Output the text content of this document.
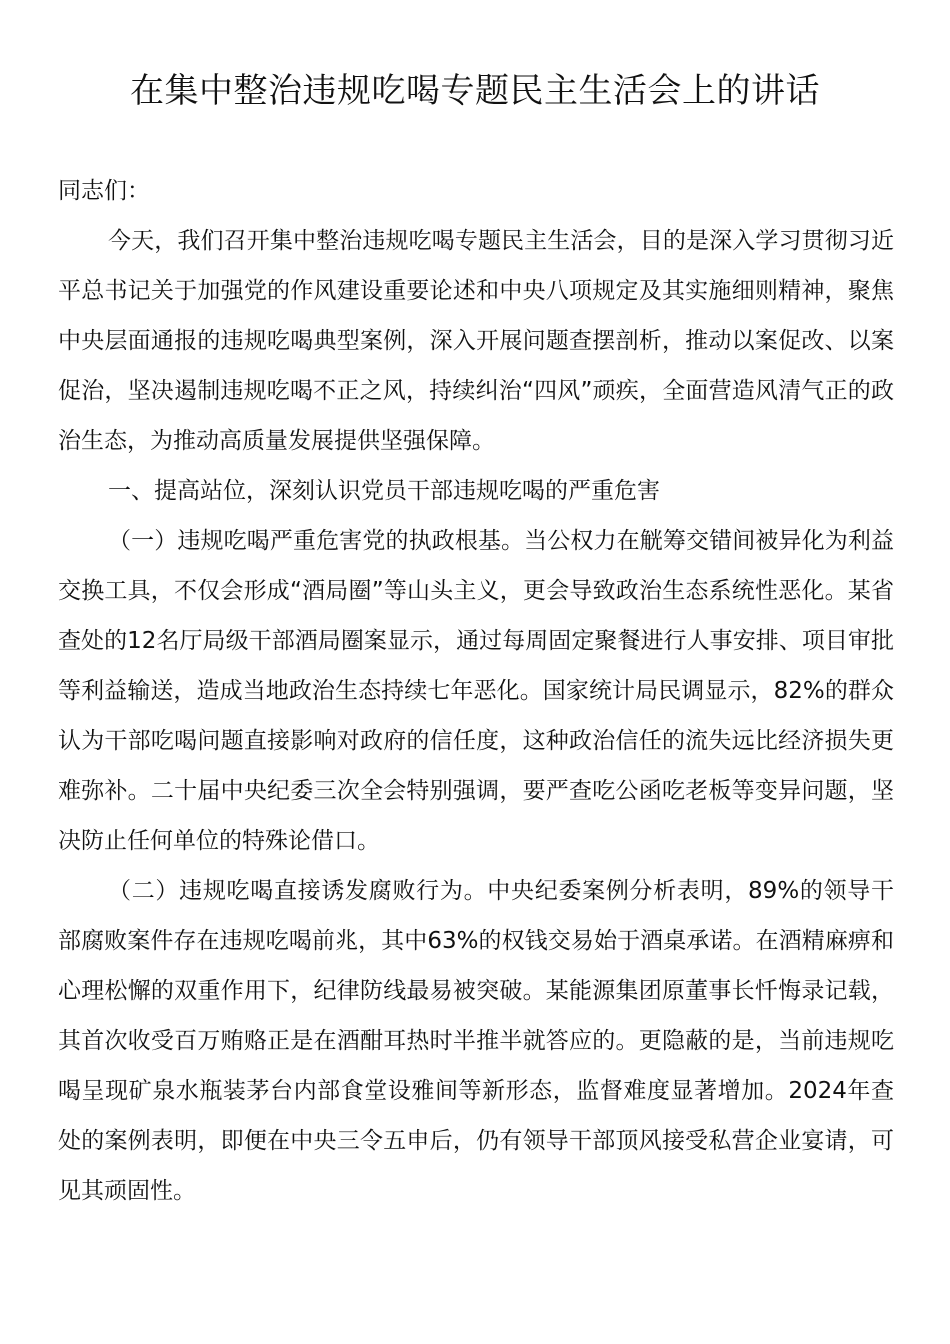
在集中整治违规吃喝专题民主生活会上的讲话

同志们：

今天，我们召开集中整治违规吃喝专题民主生活会，目的是深入学习贯彻习近平总书记关于加强党的作风建设重要论述和中央八项规定及其实施细则精神，聚焦中央层面通报的违规吃喝典型案例，深入开展问题查摆剖析，推动以案促改、以案促治，坚决遏制违规吃喝不正之风，持续纠治“四风”顽疾，全面营造风清气正的政治生态，为推动高质量发展提供坚强保障。

一、提高站位，深刻认识党员干部违规吃喝的严重危害

（一）违规吃喝严重危害党的执政根基。当公权力在觥筹交错间被异化为利益交换工具，不仅会形成“酒局圈”等山头主义，更会导致政治生态系统性恶化。某省查处的12名厅局级干部酒局圈案显示，通过每周固定聚餐进行人事安排、项目审批等利益输送，造成当地政治生态持续七年恶化。国家统计局民调显示，82%的群众认为干部吃喝问题直接影响对政府的信任度，这种政治信任的流失远比经济损失更难弥补。二十届中央纪委三次全会特别强调，要严查吃公函吃老板等变异问题，坚决防止任何单位的特殊论借口。

（二）违规吃喝直接诱发腐败行为。中央纪委案例分析表明，89%的领导干部腐败案件存在违规吃喝前兆，其中63%的权钱交易始于酒桌承诺。在酒精麻痹和心理松懈的双重作用下，纪律防线最易被突破。某能源集团原董事长忏悔录记载，其首次收受百万贿赂正是在酒酣耳热时半推半就答应的。更隐蔽的是，当前违规吃喝呈现矿泉水瓶装茅台内部食堂设雅间等新形态，监督难度显著增加。2024年查处的案例表明，即便在中央三令五申后，仍有领导干部顶风接受私营企业宴请，可见其顽固性。
